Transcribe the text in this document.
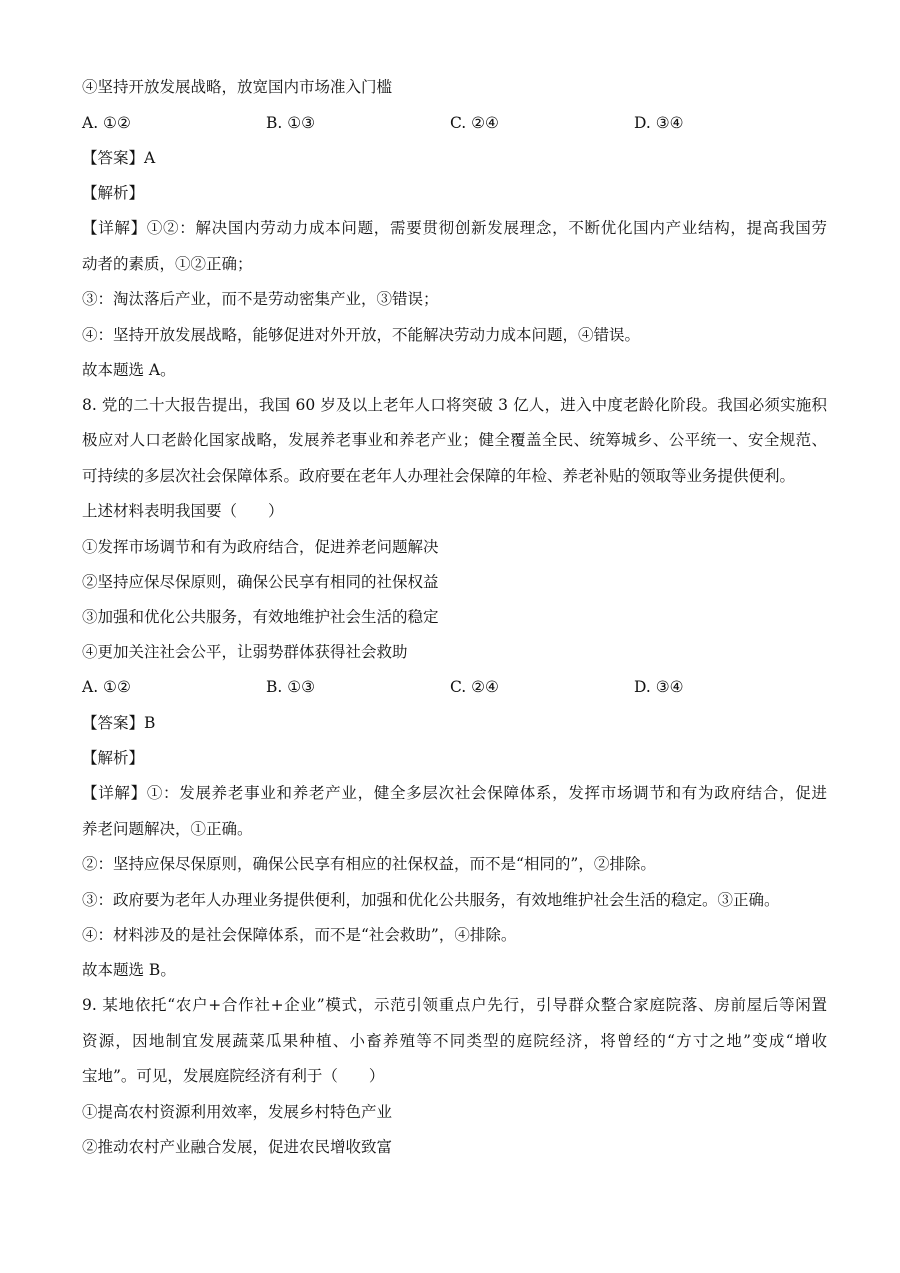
④坚持开放发展战略，放宽国内市场准入门槛
A. ①②	B. ①③	C. ②④	D. ③④
【答案】A
【解析】
【详解】①②：解决国内劳动力成本问题，需要贯彻创新发展理念，不断优化国内产业结构，提高我国劳
动者的素质，①②正确；
③：淘汰落后产业，而不是劳动密集产业，③错误；
④：坚持开放发展战略，能够促进对外开放，不能解决劳动力成本问题，④错误。
故本题选 A。
8. 党的二十大报告提出，我国 60 岁及以上老年人口将突破 3 亿人，进入中度老龄化阶段。我国必须实施积
极应对人口老龄化国家战略，发展养老事业和养老产业；健全覆盖全民、统筹城乡、公平统一、安全规范、
可持续的多层次社会保障体系。政府要在老年人办理社会保障的年检、养老补贴的领取等业务提供便利。
上述材料表明我国要（　　）
①发挥市场调节和有为政府结合，促进养老问题解决
②坚持应保尽保原则，确保公民享有相同的社保权益
③加强和优化公共服务，有效地维护社会生活的稳定
④更加关注社会公平，让弱势群体获得社会救助
A. ①②	B. ①③	C. ②④	D. ③④
【答案】B
【解析】
【详解】①：发展养老事业和养老产业，健全多层次社会保障体系，发挥市场调节和有为政府结合，促进
养老问题解决，①正确。
②：坚持应保尽保原则，确保公民享有相应的社保权益，而不是“相同的”，②排除。
③：政府要为老年人办理业务提供便利，加强和优化公共服务，有效地维护社会生活的稳定。③正确。
④：材料涉及的是社会保障体系，而不是“社会救助”，④排除。
故本题选 B。
9. 某地依托“农户+合作社+企业”模式，示范引领重点户先行，引导群众整合家庭院落、房前屋后等闲置
资源，因地制宜发展蔬菜瓜果种植、小畜养殖等不同类型的庭院经济，将曾经的“方寸之地”变成“增收
宝地”。可见，发展庭院经济有利于（　　）
①提高农村资源利用效率，发展乡村特色产业
②推动农村产业融合发展，促进农民增收致富
